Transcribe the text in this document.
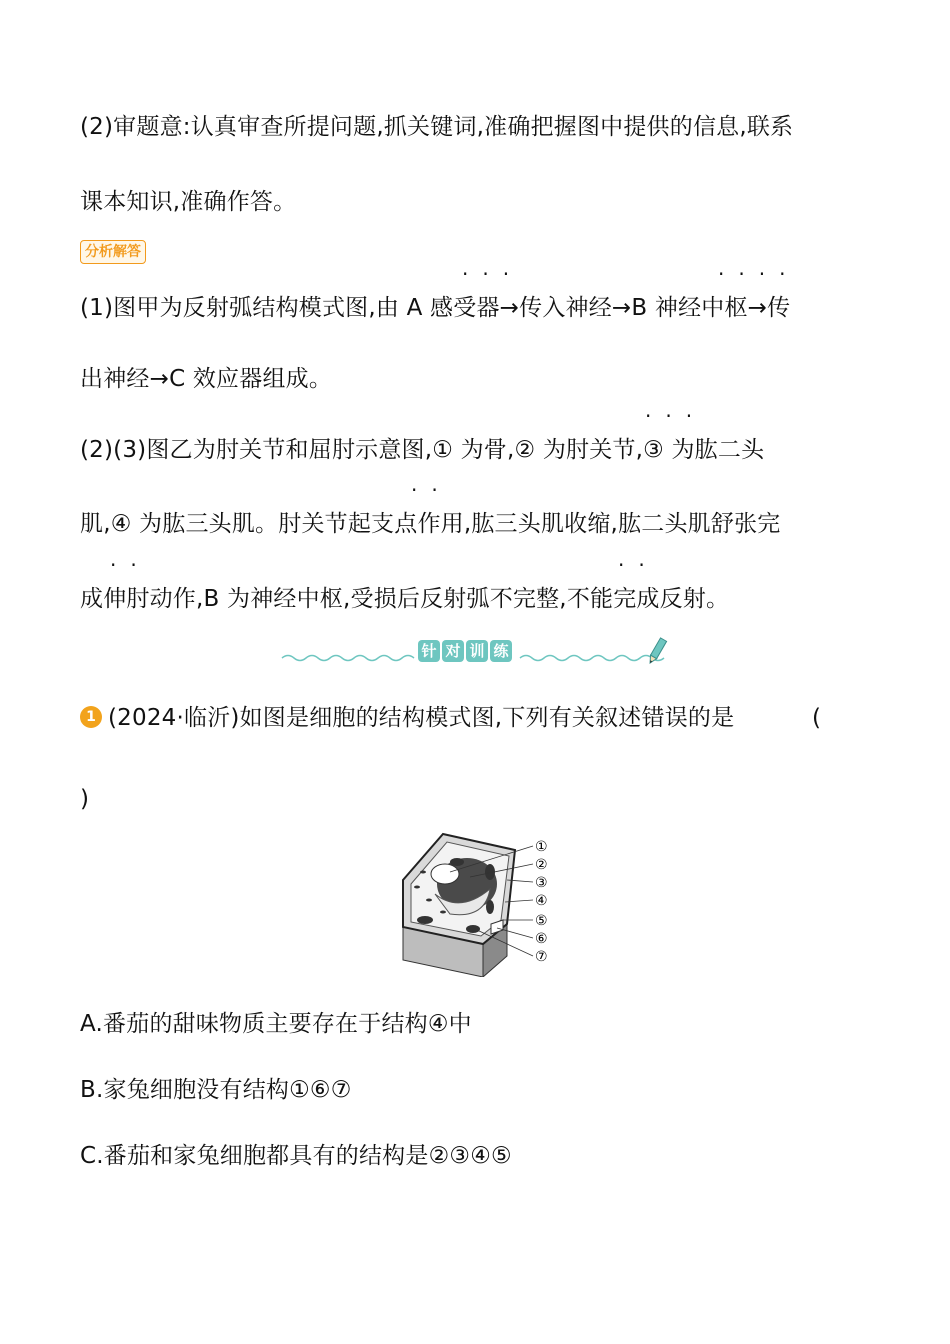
(2)审题意:认真审查所提问题,抓关键词,准确把握图中提供的信息,联系
课本知识,准确作答。
分析解答
···	····
(1)图甲为反射弧结构模式图,由 A 感受器→传入神经→B 神经中枢→传
出神经→C 效应器组成。
···
(2)(3)图乙为肘关节和屈肘示意图,① 为骨,② 为肘关节,③ 为肱二头
··
肌,④ 为肱三头肌。肘关节起支点作用,肱三头肌收缩,肱二头肌舒张完
··	··
成伸肘动作,B 为神经中枢,受损后反射弧不完整,不能完成反射。
针 对 训 练
1 (2024·临沂)如图是细胞的结构模式图,下列有关叙述错误的是	(
)
①
②
③
④
⑤
⑥
⑦
A.番茄的甜味物质主要存在于结构④中
B.家兔细胞没有结构①⑥⑦
C.番茄和家兔细胞都具有的结构是②③④⑤
